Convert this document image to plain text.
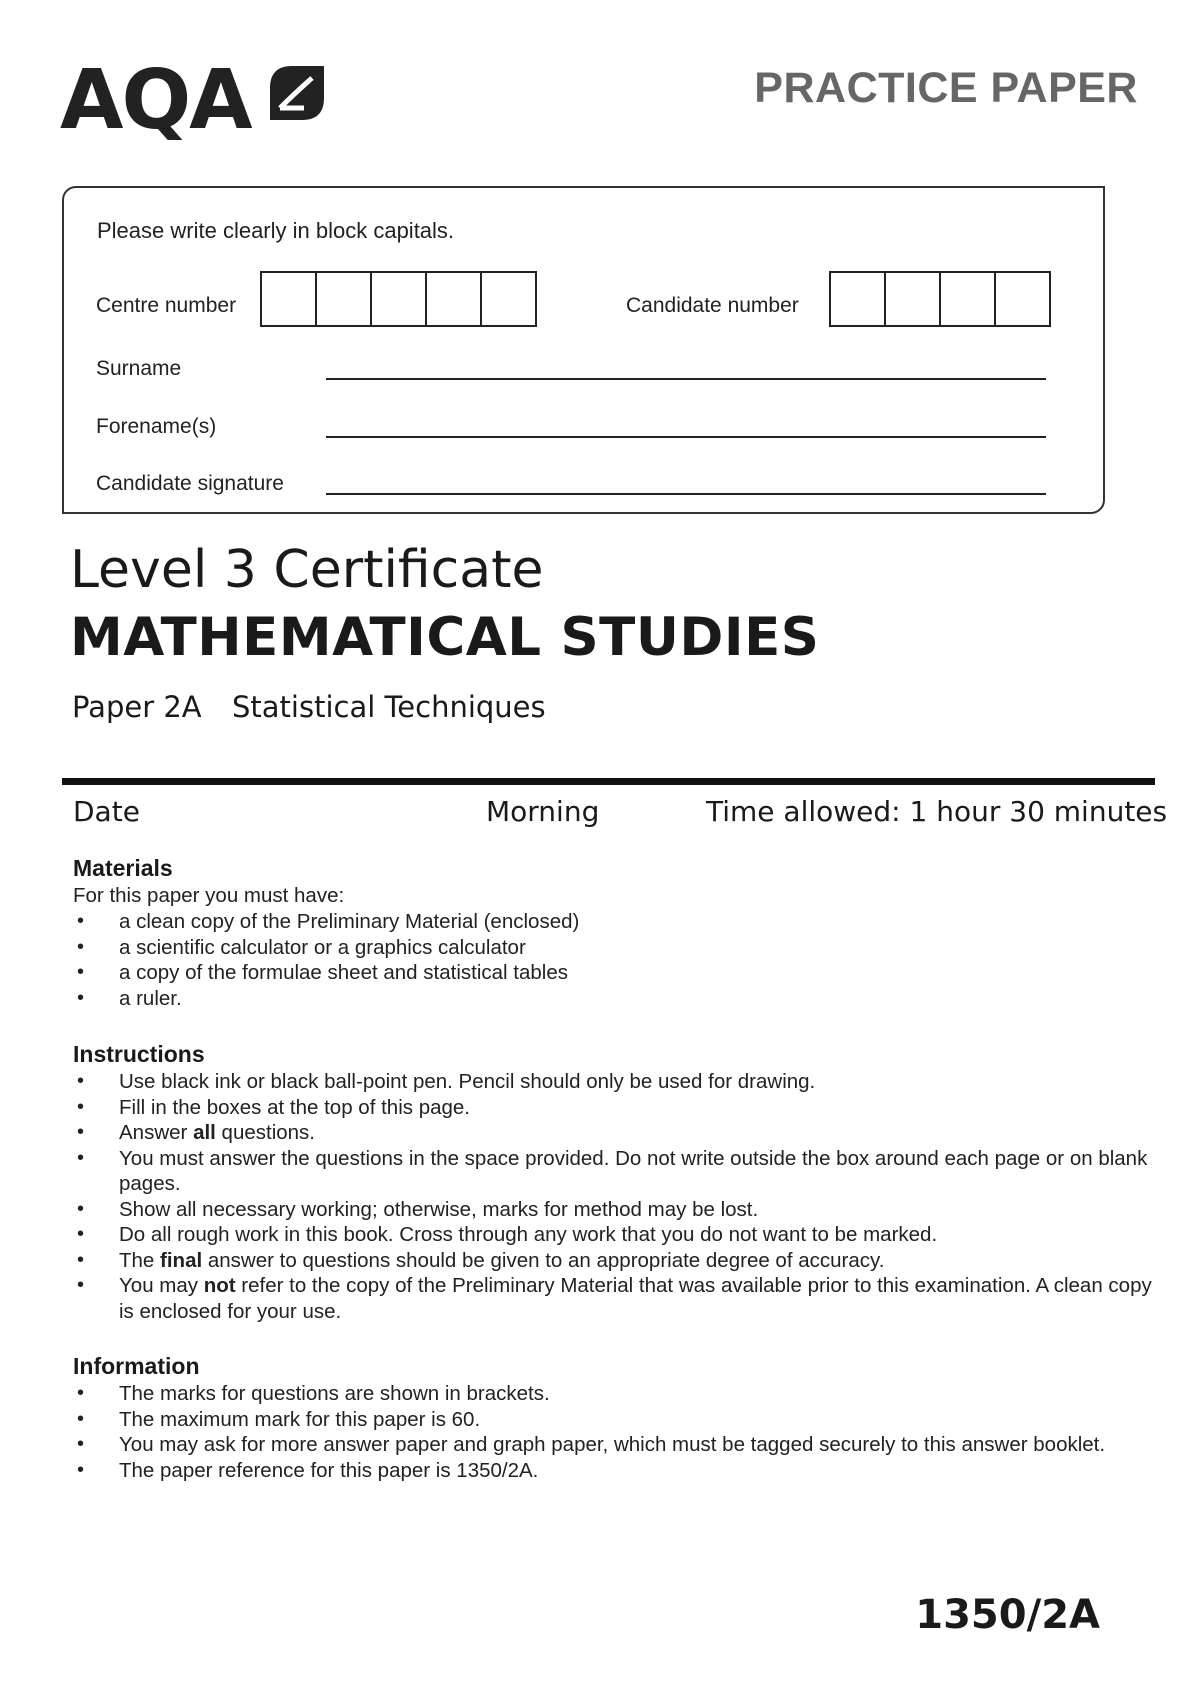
AQA	PRACTICE PAPER
Please write clearly in block capitals.
Centre number	Candidate number
Surname
Forename(s)
Candidate signature
Level 3 Certificate
MATHEMATICAL STUDIES
Paper 2A Statistical Techniques
Date	Morning	Time allowed: 1 hour 30 minutes
Materials
For this paper you must have:
• a clean copy of the Preliminary Material (enclosed)
• a scientific calculator or a graphics calculator
• a copy of the formulae sheet and statistical tables
• a ruler.
Instructions
• Use black ink or black ball-point pen. Pencil should only be used for drawing.
• Fill in the boxes at the top of this page.
• Answer all questions.
• You must answer the questions in the space provided. Do not write outside the box around each page or on blank pages.
• Show all necessary working; otherwise, marks for method may be lost.
• Do all rough work in this book. Cross through any work that you do not want to be marked.
• The final answer to questions should be given to an appropriate degree of accuracy.
• You may not refer to the copy of the Preliminary Material that was available prior to this examination. A clean copy is enclosed for your use.
Information
• The marks for questions are shown in brackets.
• The maximum mark for this paper is 60.
• You may ask for more answer paper and graph paper, which must be tagged securely to this answer booklet.
• The paper reference for this paper is 1350/2A.
1350/2A
